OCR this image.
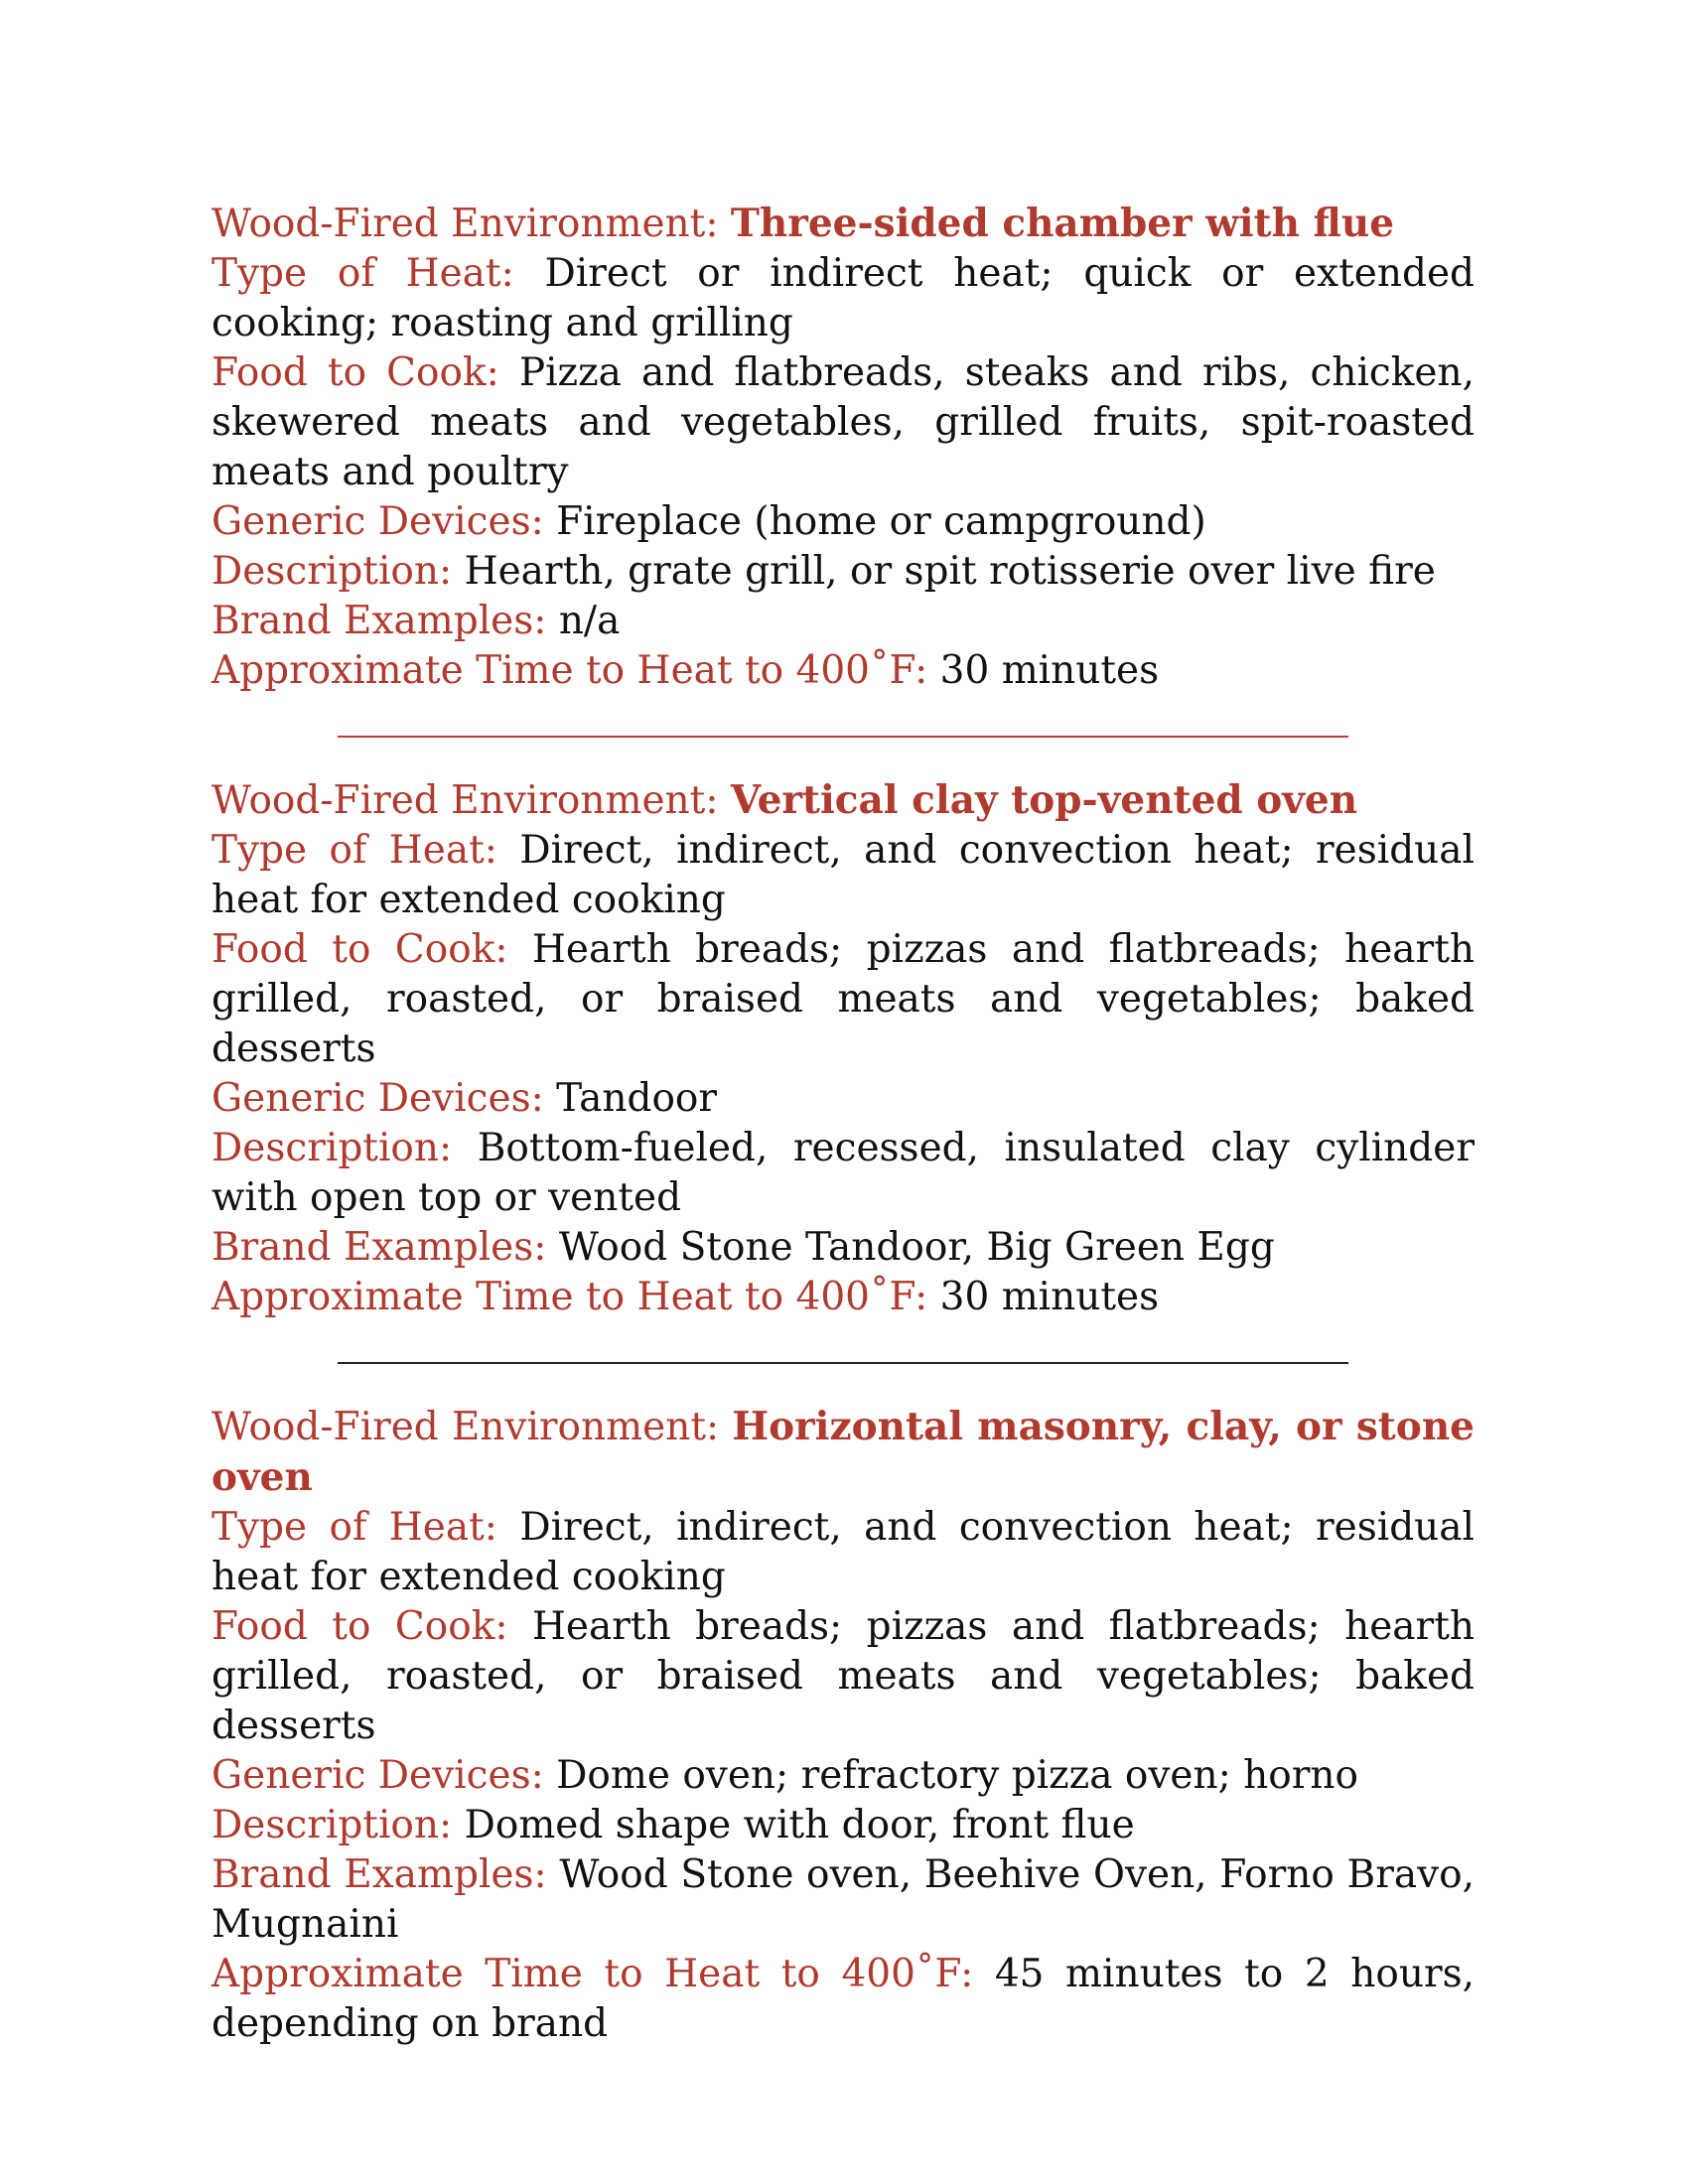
Wood-Fired Environment: Three-sided chamber with flue

Type of Heat: Direct or indirect heat; quick or extended cooking; roasting and grilling

Food to Cook: Pizza and flatbreads, steaks and ribs, chicken, skewered meats and vegetables, grilled fruits, spit-roasted meats and poultry

Generic Devices: Fireplace (home or campground)

Description: Hearth, grate grill, or spit rotisserie over live fire

Brand Examples: n/a

Approximate Time to Heat to 400˚F: 30 minutes

Wood-Fired Environment: Vertical clay top-vented oven

Type of Heat: Direct, indirect, and convection heat; residual heat for extended cooking

Food to Cook: Hearth breads; pizzas and flatbreads; hearth grilled, roasted, or braised meats and vegetables; baked desserts

Generic Devices: Tandoor

Description: Bottom-fueled, recessed, insulated clay cylinder with open top or vented

Brand Examples: Wood Stone Tandoor, Big Green Egg

Approximate Time to Heat to 400˚F: 30 minutes

Wood-Fired Environment: Horizontal masonry, clay, or stone oven

Type of Heat: Direct, indirect, and convection heat; residual heat for extended cooking

Food to Cook: Hearth breads; pizzas and flatbreads; hearth grilled, roasted, or braised meats and vegetables; baked desserts

Generic Devices: Dome oven; refractory pizza oven; horno

Description: Domed shape with door, front flue

Brand Examples: Wood Stone oven, Beehive Oven, Forno Bravo, Mugnaini

Approximate Time to Heat to 400˚F: 45 minutes to 2 hours, depending on brand
